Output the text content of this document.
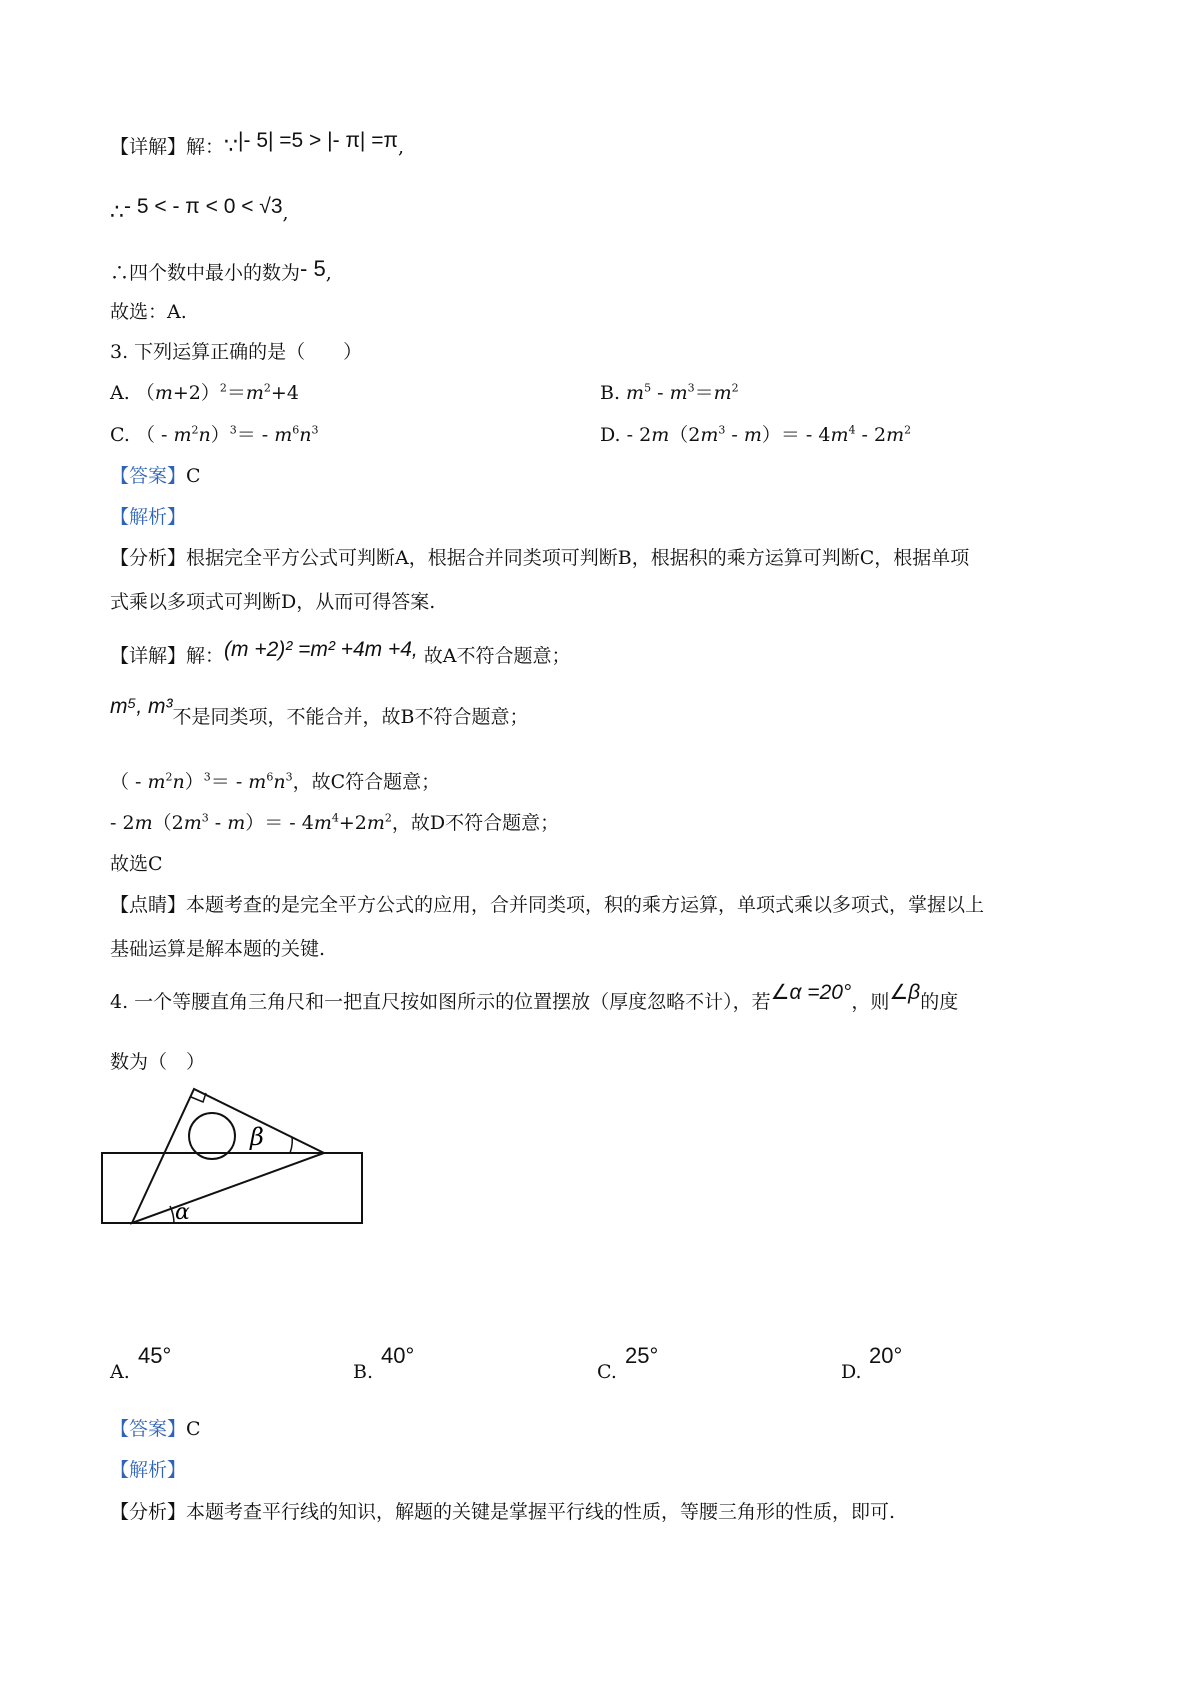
【详解】解：∵|- 5| =5 > |- π| =π,
∴- 5 < - π < 0 < √3,
∴四个数中最小的数为- 5,
故选：A.
3. 下列运算正确的是（　　）
A. $(m+2)^2=m^2+4$	B. $m^5 - m^3=m^2$
C. （ - $m^2n)^3= - m^6n^3$	D. - $2m(2m^3 - m)= - 4m^4 - 2m^2$
【答案】C
【解析】
【分析】根据完全平方公式可判断A，根据合并同类项可判断B，根据积的乘方运算可判断C，根据单项
式乘以多项式可判断D，从而可得答案.
【详解】解：(m +2)² =m² +4m +4, 故A不符合题意；
m⁵, m³不是同类项，不能合并，故B不符合题意；
（ - $m^2n)^3= - m^6n^3$，故C符合题意；
- $2m(2m^3 - m)= - 4m^4+2m^2$，故D不符合题意；
故选C
【点睛】本题考查的是完全平方公式的应用，合并同类项，积的乘方运算，单项式乘以多项式，掌握以上
基础运算是解本题的关键.
4. 一个等腰直角三角尺和一把直尺按如图所示的位置摆放（厚度忽略不计），若∠α =20°，则∠β的度
数为（　）
β
α
A.
45°
B.
40°
C.
25°
D.
20°
【答案】C
【解析】
【分析】本题考查平行线的知识，解题的关键是掌握平行线的性质，等腰三角形的性质，即可.
